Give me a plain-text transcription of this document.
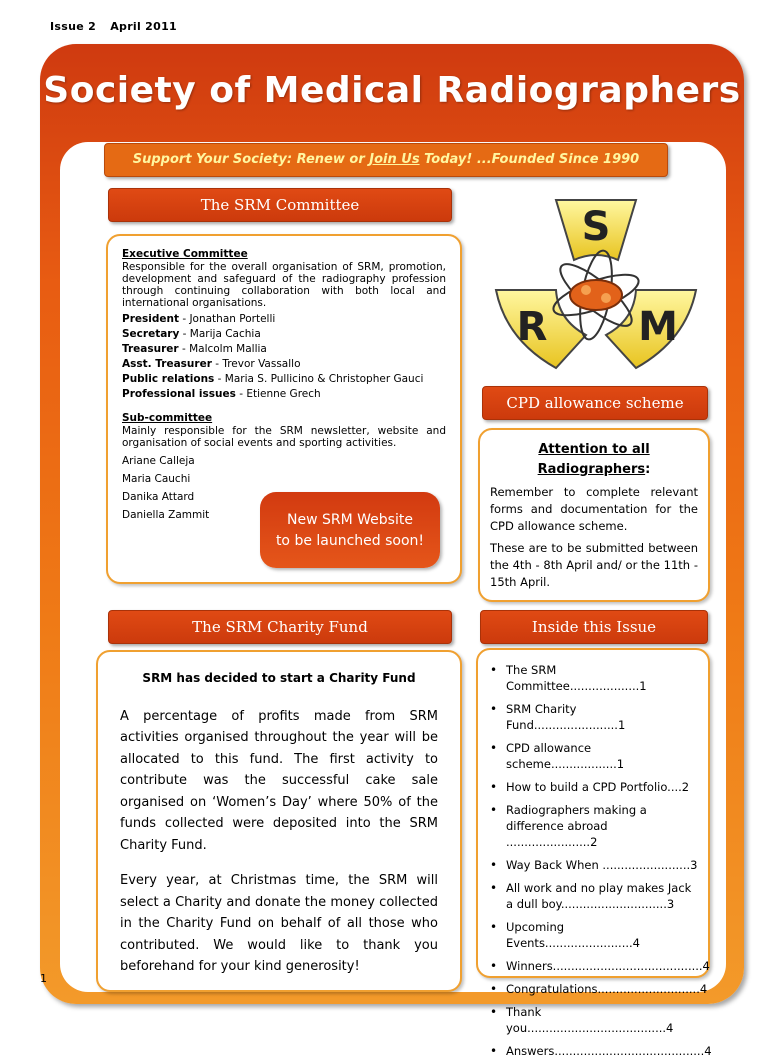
Issue 2 April 2011
Society of Medical Radiographers
Support Your Society: Renew or Join Us Today! ...Founded Since 1990
The SRM Committee
Executive Committee
Responsible for the overall organisation of SRM, promotion, development and safeguard of the radiography profession through continuing collaboration with both local and international organisations.
President - Jonathan Portelli
Secretary - Marija Cachia
Treasurer - Malcolm Mallia
Asst. Treasurer - Trevor Vassallo
Public relations - Maria S. Pullicino & Christopher Gauci
Professional issues - Etienne Grech
Sub-committee
Mainly responsible for the SRM newsletter, website and organisation of social events and sporting activities.
Ariane Calleja
Maria Cauchi
Danika Attard
Daniella Zammit	New SRM Website
to be launched soon!
S
R M
CPD allowance scheme
Attention to all
Radiographers:

Remember to complete relevant forms and documentation for the CPD allowance scheme.

These are to be submitted between the 4th - 8th April and/ or the 11th - 15th April.

The SRM Charity Fund
SRM has decided to start a Charity Fund

A percentage of profits made from SRM activities organised throughout the year will be allocated to this fund. The first activity to contribute was the successful cake sale organised on ‘Women’s Day’ where 50% of the funds collected were deposited into the SRM Charity Fund.

Every year, at Christmas time, the SRM will select a Charity and donate the money collected in the Charity Fund on behalf of all those who contributed. We would like to thank you beforehand for your kind generosity!

Inside this Issue
• The SRM Committee...................1
• SRM Charity Fund.......................1
• CPD allowance scheme..................1
• How to build a CPD Portfolio....2
• Radiographers making a difference abroad .......................2
• Way Back When ........................3
• All work and no play makes Jack a dull boy.............................3
• Upcoming Events........................4
• Winners.........................................4
• Congratulations............................4
• Thank you......................................4
• Answers.........................................4
1
